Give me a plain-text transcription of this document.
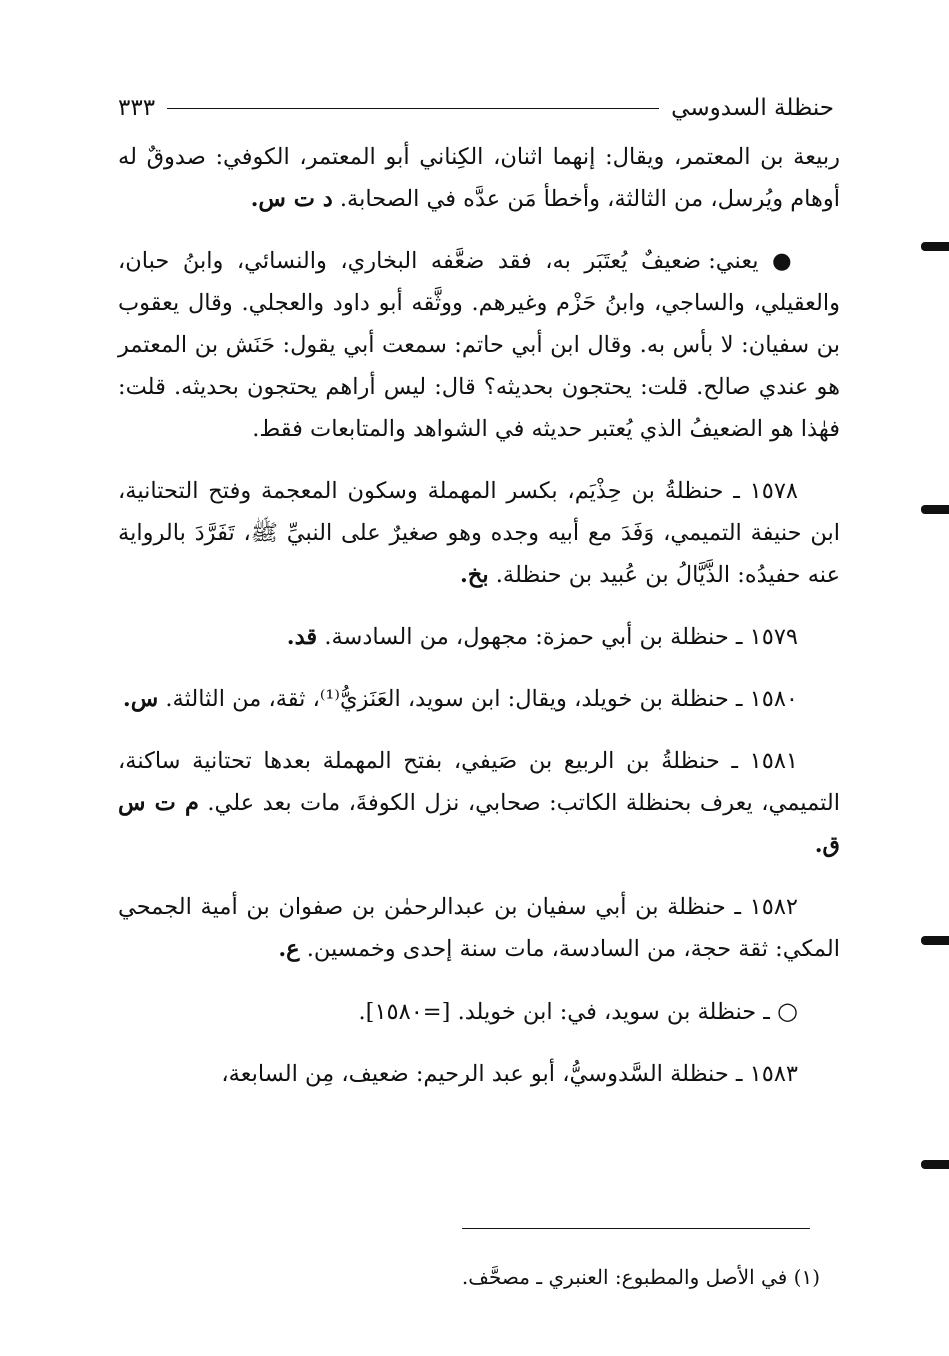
حنظلة السدوسي
٣٣٣

ربيعة بن المعتمر، ويقال: إنهما اثنان، الكِناني أبو المعتمر، الكوفي: صدوقٌ له أوهام ويُرسل، من الثالثة، وأخطأ مَن عدَّه في الصحابة. د ت س.

● يعني: ضعيفٌ يُعتَبَر به، فقد ضعَّفه البخاري، والنسائي، وابنُ حبان، والعقيلي، والساجي، وابنُ حَزْم وغيرهم. ووثَّقه أبو داود والعجلي. وقال يعقوب بن سفيان: لا بأس به. وقال ابن أبي حاتم: سمعت أبي يقول: حَنَش بن المعتمر هو عندي صالح. قلت: يحتجون بحديثه؟ قال: ليس أراهم يحتجون بحديثه. قلت: فهٰذا هو الضعيفُ الذي يُعتبر حديثه في الشواهد والمتابعات فقط.

١٥٧٨ ـ حنظلةُ بن حِذْيَم، بكسر المهملة وسكون المعجمة وفتح التحتانية، ابن حنيفة التميمي، وَفَدَ مع أبيه وجده وهو صغيرٌ على النبيِّ ﷺ، تَفَرَّدَ بالرواية عنه حفيدُه: الذَّيَّالُ بن عُبيد بن حنظلة. بخ.

١٥٧٩ ـ حنظلة بن أبي حمزة: مجهول، من السادسة. قد.

١٥٨٠ ـ حنظلة بن خويلد، ويقال: ابن سويد، العَنَزيُّ⁽¹⁾، ثقة، من الثالثة. س.

١٥٨١ ـ حنظلةُ بن الربيع بن صَيفي، بفتح المهملة بعدها تحتانية ساكنة، التميمي، يعرف بحنظلة الكاتب: صحابي، نزل الكوفةَ، مات بعد علي. م ت س ق.

١٥٨٢ ـ حنظلة بن أبي سفيان بن عبدالرحمٰن بن صفوان بن أمية الجمحي المكي: ثقة حجة، من السادسة، مات سنة إحدى وخمسين. ع.

○ ـ حنظلة بن سويد، في: ابن خويلد. [=١٥٨٠].

١٥٨٣ ـ حنظلة السَّدوسيُّ، أبو عبد الرحيم: ضعيف، مِن السابعة،

(١) في الأصل والمطبوع: العنبري ـ مصحَّف.
